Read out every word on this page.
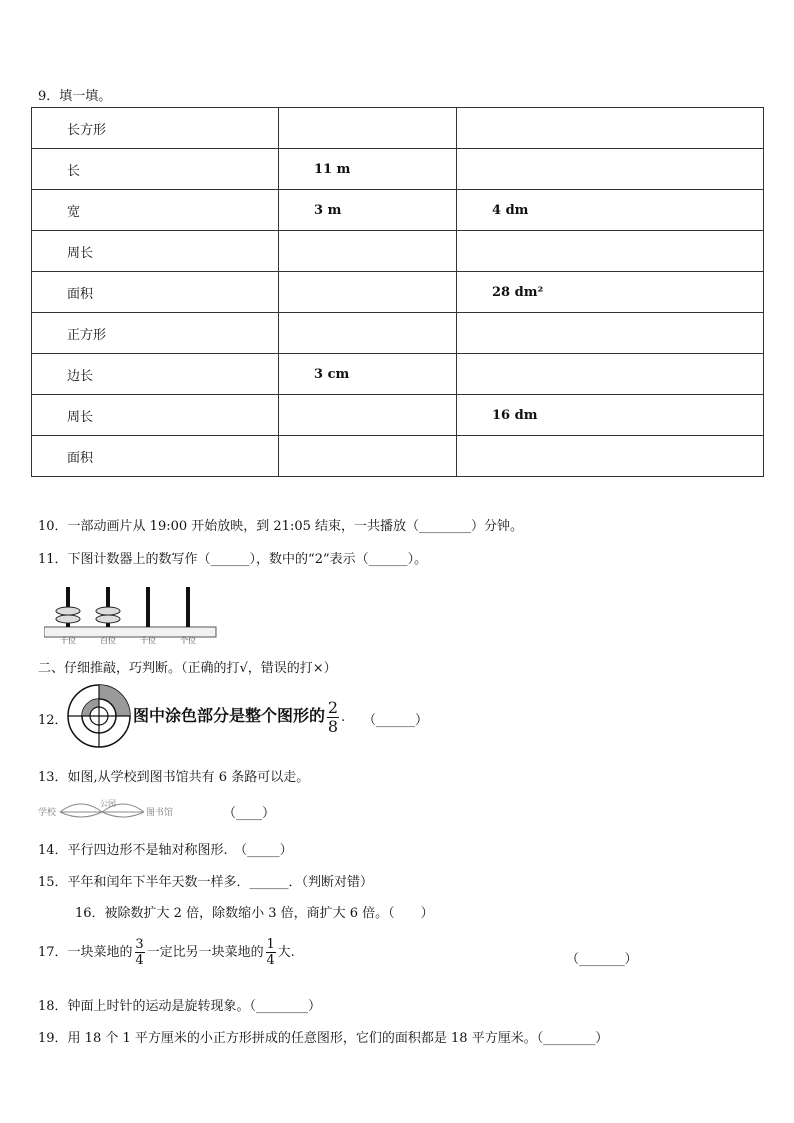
9．填一填。
长方形		
长	11 m	
宽	3 m	4 dm
周长		
面积		28 dm²
正方形		
边长	3 cm	
周长		16 dm
面积		
10．一部动画片从 19:00 开始放映，到 21:05 结束，一共播放（________）分钟。
11．下图计数器上的数写作（______），数中的“2”表示（______）。
千位	百位	十位	个位
二、仔细推敲，巧判断。（正确的打√，错误的打×）
12．	图中涂色部分是整个图形的 $\frac{2}{8}$ . （______）
13．如图,从学校到图书馆共有 6 条路可以走。
学校
公园
图书馆	（____）
14．平行四边形不是轴对称图形.　（_____）
15．平年和闰年下半年天数一样多．______．（判断对错）
16．被除数扩大 2 倍，除数缩小 3 倍，商扩大 6 倍。（　　）
17．一块菜地的 $\frac{3}{4}$ 一定比另一块菜地的 $\frac{1}{4}$ 大.	（_______）
18．钟面上时针的运动是旋转现象。（________）
19．用 18 个 1 平方厘米的小正方形拼成的任意图形，它们的面积都是 18 平方厘米。（________）
